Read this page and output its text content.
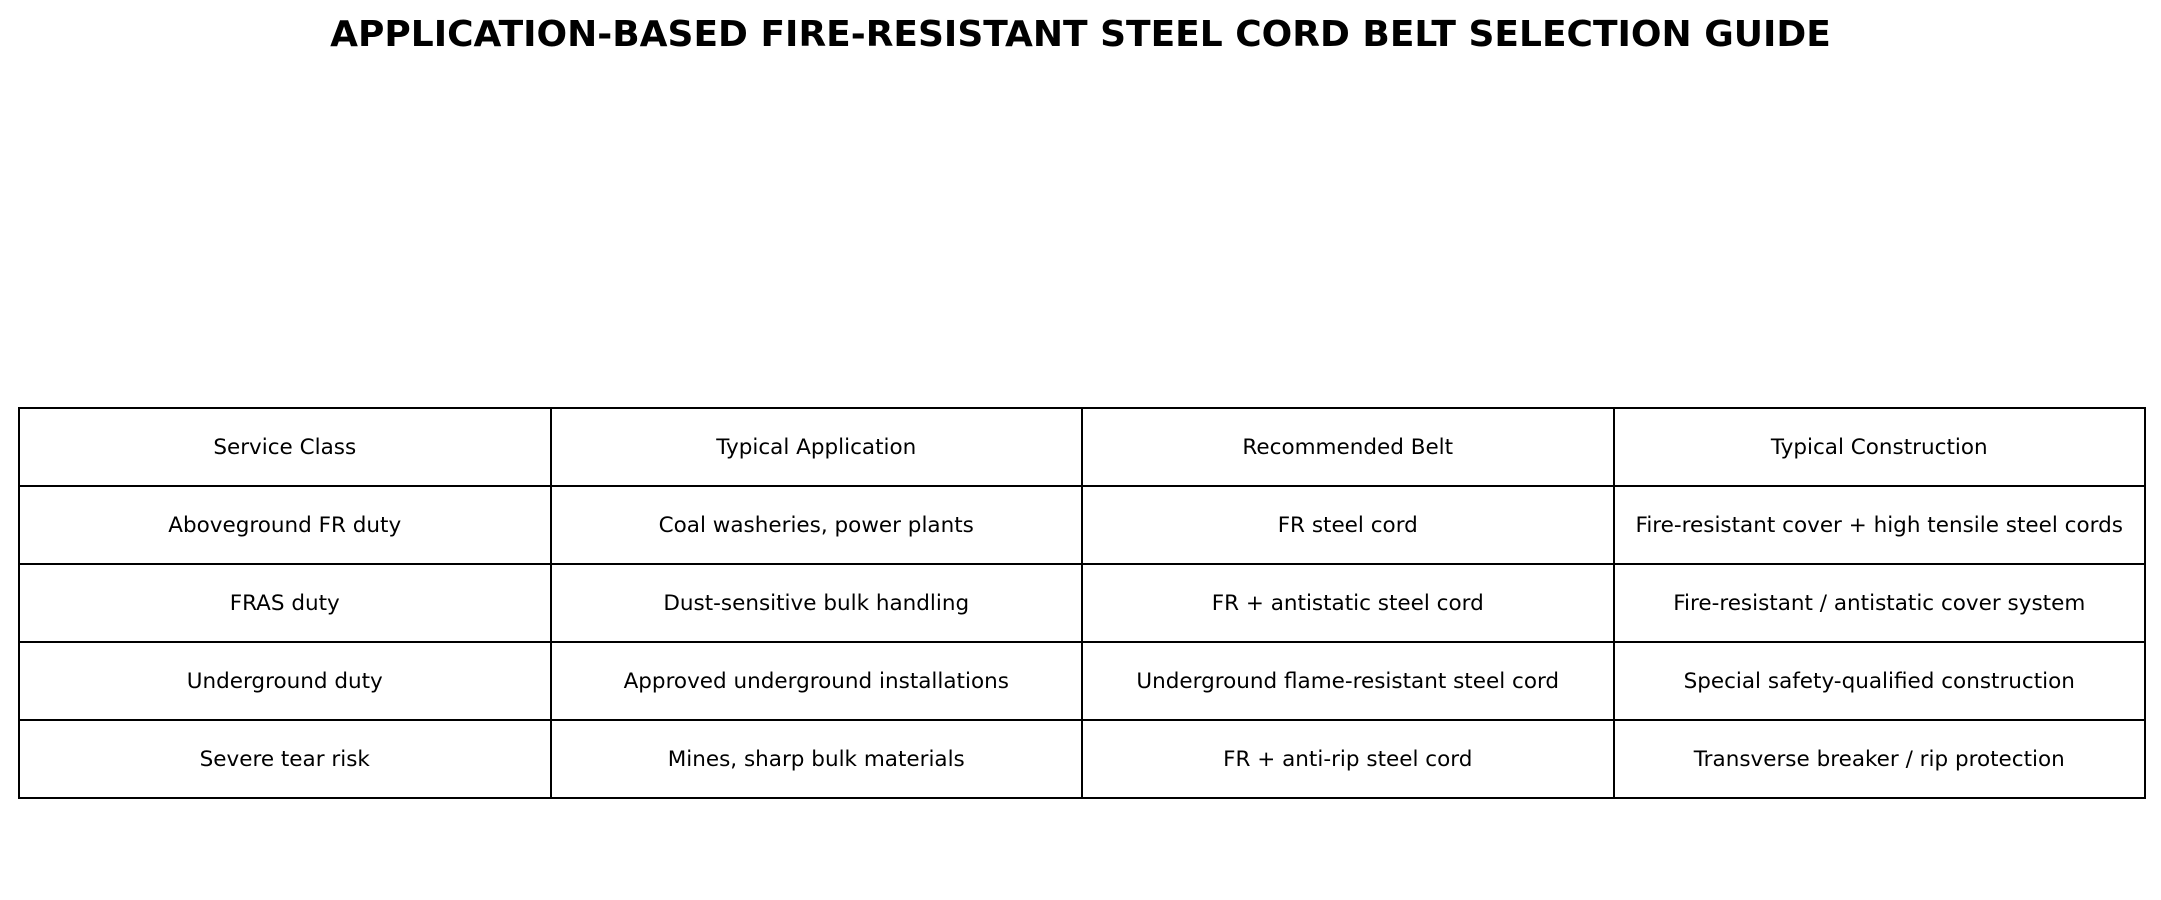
APPLICATION-BASED FIRE-RESISTANT STEEL CORD BELT SELECTION GUIDE
Service Class	Typical Application	Recommended Belt	Typical Construction
Aboveground FR duty	Coal washeries, power plants	FR steel cord	Fire-resistant cover + high tensile steel cords
FRAS duty	Dust-sensitive bulk handling	FR + antistatic steel cord	Fire-resistant / antistatic cover system
Underground duty	Approved underground installations	Underground flame-resistant steel cord	Special safety-qualified construction
Severe tear risk	Mines, sharp bulk materials	FR + anti-rip steel cord	Transverse breaker / rip protection
